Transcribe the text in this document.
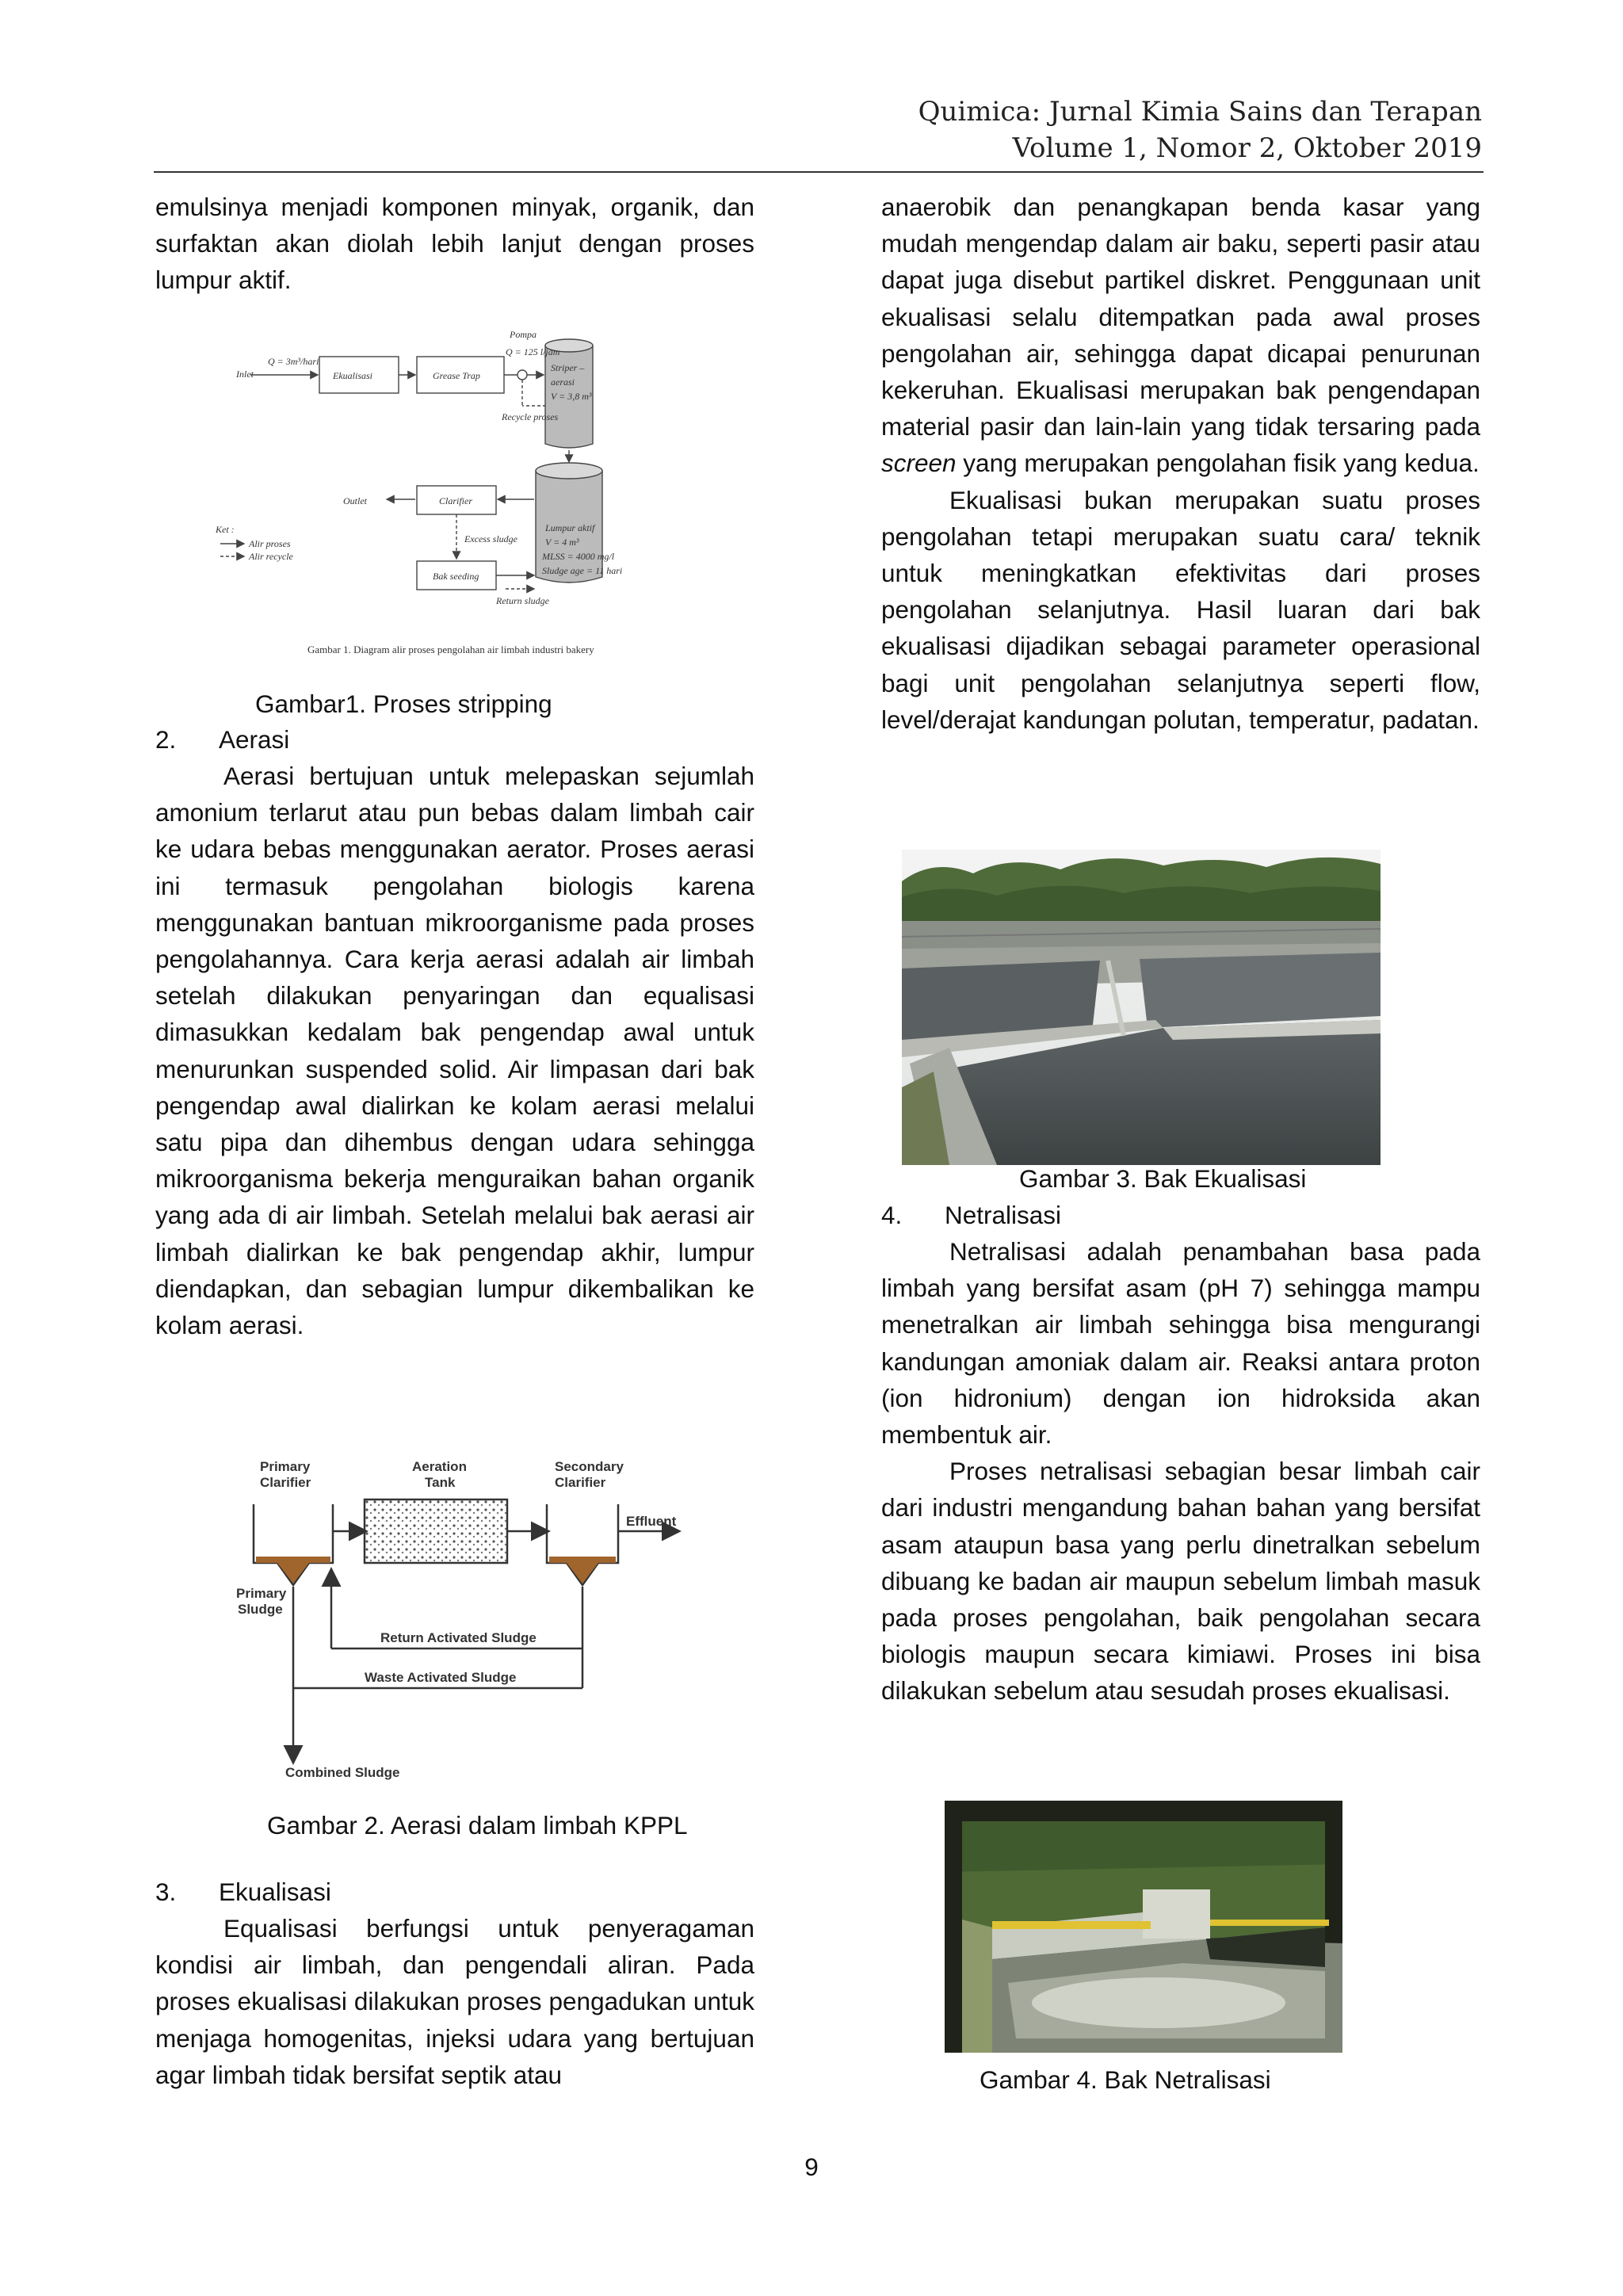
Quimica: Jurnal Kimia Sains dan Terapan
Volume 1, Nomor 2, Oktober 2019

emulsinya menjadi komponen minyak, organik, dan surfaktan akan diolah lebih lanjut dengan proses lumpur aktif.

Inlet
Q = 3m³/hari
Ekualisasi	Grease Trap
Pompa
Q = 125 l/jam
Striper –
aerasi
V = 3,8 m³
Recycle proses
Outlet	Clarifier
Excess sludge
Lumpur aktif
V = 4 m³
MLSS = 4000 mg/l
Sludge age = 11 hari
Bak seeding
Return sludge
Ket :
Alir proses
Alir recycle
Gambar 1. Diagram alir proses pengolahan air limbah industri bakery
Gambar1. Proses stripping
2. Aerasi

Aerasi bertujuan untuk melepaskan sejumlah amonium terlarut atau pun bebas dalam limbah cair ke udara bebas menggunakan aerator. Proses aerasi ini termasuk pengolahan biologis karena menggunakan bantuan mikroorganisme pada proses pengolahannya. Cara kerja aerasi adalah air limbah setelah dilakukan penyaringan dan equalisasi dimasukkan kedalam bak pengendap awal untuk menurunkan suspended solid. Air limpasan dari bak pengendap awal dialirkan ke kolam aerasi melalui satu pipa dan dihembus dengan udara sehingga mikroorganisma bekerja menguraikan bahan organik yang ada di air limbah. Setelah melalui bak aerasi air limbah dialirkan ke bak pengendap akhir, lumpur diendapkan, dan sebagian lumpur dikembalikan ke kolam aerasi.

Primary
Clarifier
Aeration
Tank
Secondary
Clarifier
Effluent
Primary
Sludge
Return Activated Sludge
Waste Activated Sludge
Combined Sludge
Gambar 2. Aerasi dalam limbah KPPL
3. Ekualisasi

Equalisasi berfungsi untuk penyeragaman kondisi air limbah, dan pengendali aliran. Pada proses ekualisasi dilakukan proses pengadukan untuk menjaga homogenitas, injeksi udara yang bertujuan agar limbah tidak bersifat septik atau

anaerobik dan penangkapan benda kasar yang mudah mengendap dalam air baku, seperti pasir atau dapat juga disebut partikel diskret. Penggunaan unit ekualisasi selalu ditempatkan pada awal proses pengolahan air, sehingga dapat dicapai penurunan kekeruhan. Ekualisasi merupakan bak pengendapan material pasir dan lain-lain yang tidak tersaring pada screen yang merupakan pengolahan fisik yang kedua.

Ekualisasi bukan merupakan suatu proses pengolahan tetapi merupakan suatu cara/ teknik untuk meningkatkan efektivitas dari proses pengolahan selanjutnya. Hasil luaran dari bak ekualisasi dijadikan sebagai parameter operasional bagi unit pengolahan selanjutnya seperti flow, level/derajat kandungan polutan, temperatur, padatan.

Gambar 3. Bak Ekualisasi
4. Netralisasi

Netralisasi adalah penambahan basa pada limbah yang bersifat asam (pH 7) sehingga mampu menetralkan air limbah sehingga bisa mengurangi kandungan amoniak dalam air. Reaksi antara proton (ion hidronium) dengan ion hidroksida akan membentuk air.

Proses netralisasi sebagian besar limbah cair dari industri mengandung bahan bahan yang bersifat asam ataupun basa yang perlu dinetralkan sebelum dibuang ke badan air maupun sebelum limbah masuk pada proses pengolahan, baik pengolahan secara biologis maupun secara kimiawi. Proses ini bisa dilakukan sebelum atau sesudah proses ekualisasi.

Gambar 4. Bak Netralisasi
9
